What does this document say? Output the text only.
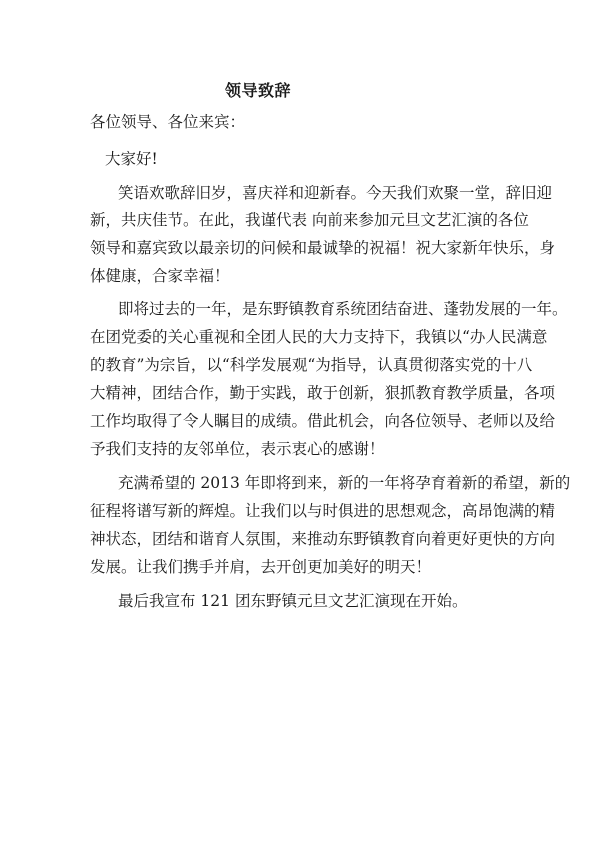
领导致辞
各位领导、各位来宾：
大家好!
笑语欢歌辞旧岁，喜庆祥和迎新春。今天我们欢聚一堂，辞旧迎
新，共庆佳节。在此，我谨代表 向前来参加元旦文艺汇演的各位
领导和嘉宾致以最亲切的问候和最诚挚的祝福！祝大家新年快乐，身
体健康，合家幸福！
即将过去的一年，是东野镇教育系统团结奋进、蓬勃发展的一年。
在团党委的关心重视和全团人民的大力支持下，我镇以“办人民满意
的教育”为宗旨，以“科学发展观“为指导，认真贯彻落实党的十八
大精神，团结合作，勤于实践，敢于创新，狠抓教育教学质量，各项
工作均取得了令人瞩目的成绩。借此机会，向各位领导、老师以及给
予我们支持的友邻单位，表示衷心的感谢！
充满希望的 2013 年即将到来，新的一年将孕育着新的希望，新的
征程将谱写新的辉煌。让我们以与时俱进的思想观念，高昂饱满的精
神状态，团结和谐育人氛围，来推动东野镇教育向着更好更快的方向
发展。让我们携手并肩，去开创更加美好的明天！
最后我宣布 121 团东野镇元旦文艺汇演现在开始。
